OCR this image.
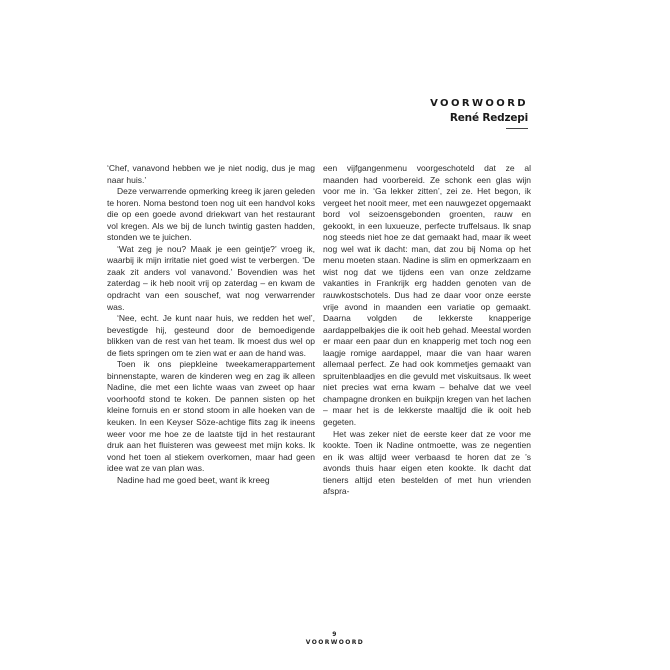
VOORWOORD
René Redzepi

‘Chef, vanavond hebben we je niet nodig, dus je mag naar huis.’

Deze verwarrende opmerking kreeg ik jaren geleden te horen. Noma bestond toen nog uit een handvol koks die op een goede avond driekwart van het restaurant vol kregen. Als we bij de lunch twintig gasten hadden, stonden we te juichen.

‘Wat zeg je nou? Maak je een geintje?’ vroeg ik, waarbij ik mijn irritatie niet goed wist te verbergen. ‘De zaak zit anders vol vanavond.’ Bovendien was het zaterdag – ik heb nooit vrij op zaterdag – en kwam de opdracht van een souschef, wat nog verwarrender was.

‘Nee, echt. Je kunt naar huis, we redden het wel’, bevestigde hij, gesteund door de bemoedigende blikken van de rest van het team. Ik moest dus wel op de fiets springen om te zien wat er aan de hand was.

Toen ik ons piepkleine tweekamerappartement binnenstapte, waren de kinderen weg en zag ik alleen Nadine, die met een lichte waas van zweet op haar voorhoofd stond te koken. De pannen sisten op het kleine fornuis en er stond stoom in alle hoeken van de keuken. In een Keyser Söze-achtige flits zag ik ineens weer voor me hoe ze de laatste tijd in het restaurant druk aan het fluisteren was geweest met mijn koks. Ik vond het toen al stiekem overkomen, maar had geen idee wat ze van plan was.

Nadine had me goed beet, want ik kreeg

een vijfgangenmenu voorgeschoteld dat ze al maanden had voorbereid. Ze schonk een glas wijn voor me in. ‘Ga lekker zitten’, zei ze. Het begon, ik vergeet het nooit meer, met een nauwgezet opgemaakt bord vol seizoensgebonden groenten, rauw en gekookt, in een luxueuze, perfecte truffelsaus. Ik snap nog steeds niet hoe ze dat gemaakt had, maar ik weet nog wel wat ik dacht: man, dat zou bij Noma op het menu moeten staan. Nadine is slim en opmerkzaam en wist nog dat we tijdens een van onze zeldzame vakanties in Frankrijk erg hadden genoten van de rauwkostschotels. Dus had ze daar voor onze eerste vrije avond in maanden een variatie op gemaakt. Daarna volgden de lekkerste knapperige aardappelbakjes die ik ooit heb gehad. Meestal worden er maar een paar dun en knapperig met toch nog een laagje romige aardappel, maar die van haar waren allemaal perfect. Ze had ook kommetjes gemaakt van spruitenblaadjes en die gevuld met viskuitsaus. Ik weet niet precies wat erna kwam – behalve dat we veel champagne dronken en buikpijn kregen van het lachen – maar het is de lekkerste maaltijd die ik ooit heb gegeten.

Het was zeker niet de eerste keer dat ze voor me kookte. Toen ik Nadine ontmoette, was ze negentien en ik was altijd weer verbaasd te horen dat ze ’s avonds thuis haar eigen eten kookte. Ik dacht dat tieners altijd eten bestelden of met hun vrienden afspra-

9
VOORWOORD
